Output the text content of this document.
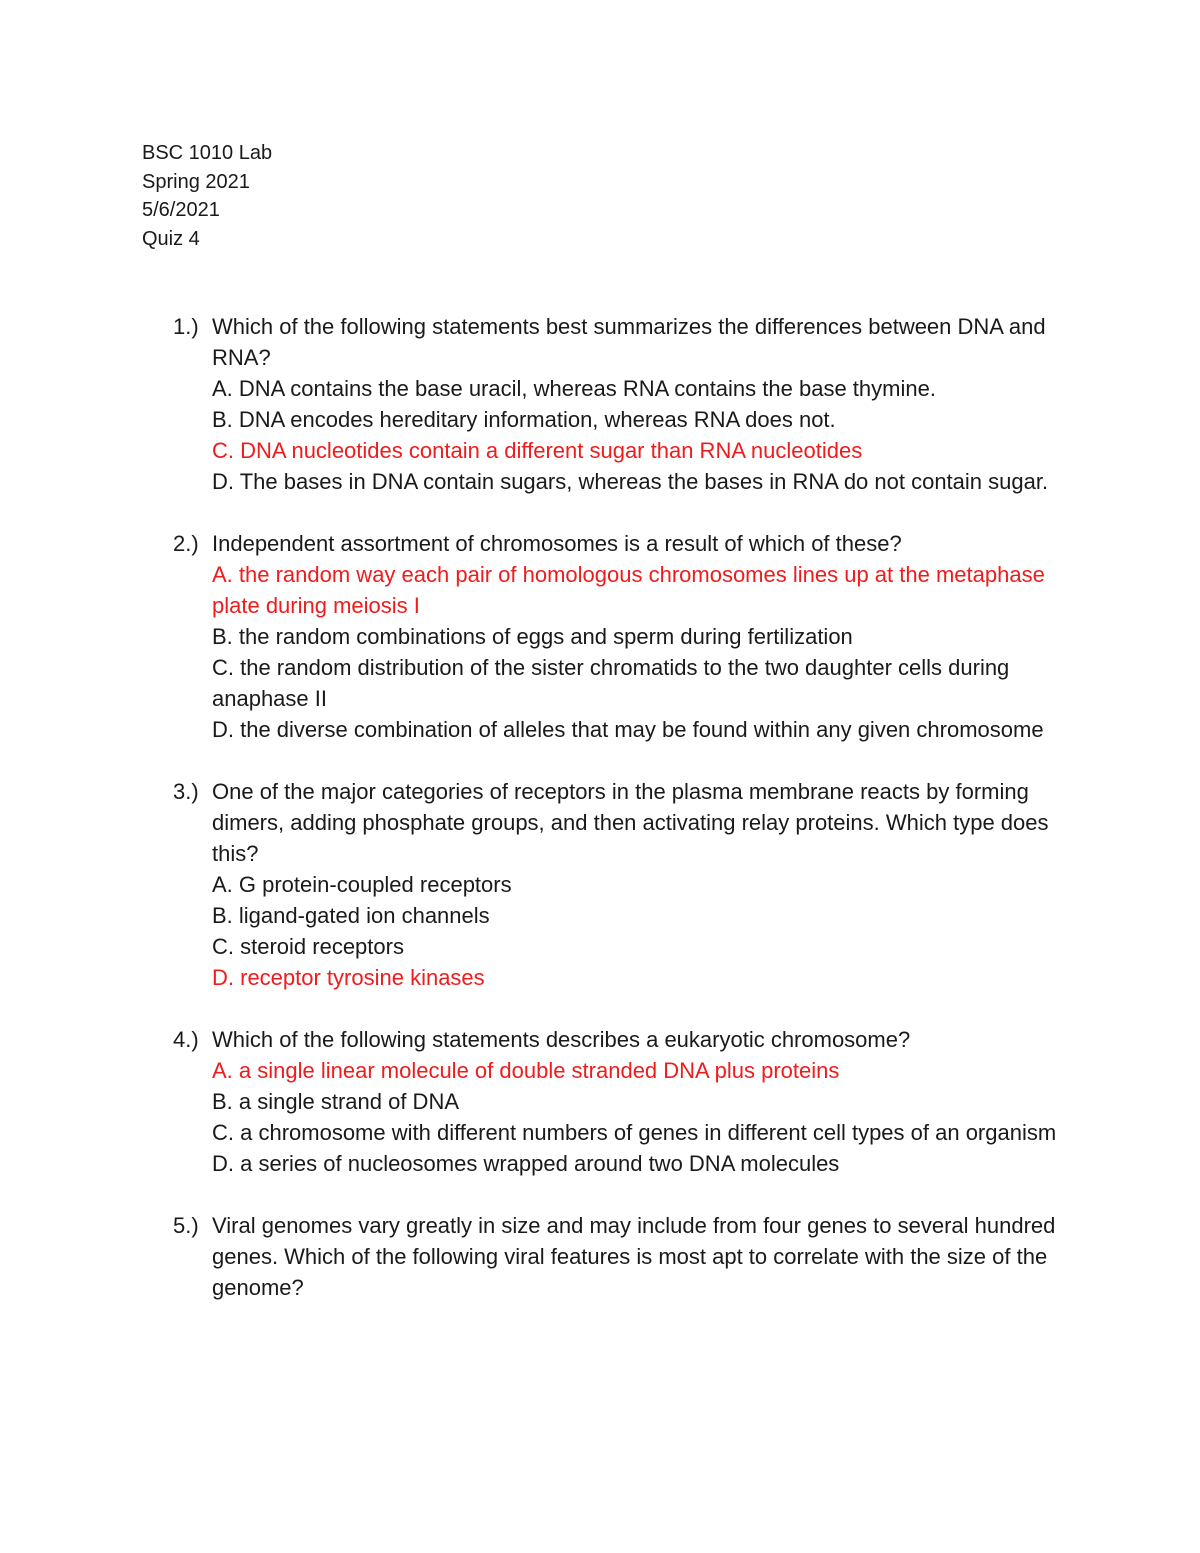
BSC 1010 Lab
Spring 2021
5/6/2021
Quiz 4
1.) Which of the following statements best summarizes the differences between DNA and RNA?

A. DNA contains the base uracil, whereas RNA contains the base thymine.

B. DNA encodes hereditary information, whereas RNA does not.

C. DNA nucleotides contain a different sugar than RNA nucleotides

D. The bases in DNA contain sugars, whereas the bases in RNA do not contain sugar.

2.) Independent assortment of chromosomes is a result of which of these?

A. the random way each pair of homologous chromosomes lines up at the metaphase plate during meiosis I

B. the random combinations of eggs and sperm during fertilization

C. the random distribution of the sister chromatids to the two daughter cells during anaphase II

D. the diverse combination of alleles that may be found within any given chromosome

3.) One of the major categories of receptors in the plasma membrane reacts by forming dimers, adding phosphate groups, and then activating relay proteins. Which type does this?

A. G protein-coupled receptors

B. ligand-gated ion channels

C. steroid receptors

D. receptor tyrosine kinases

4.) Which of the following statements describes a eukaryotic chromosome?

A. a single linear molecule of double stranded DNA plus proteins

B. a single strand of DNA

C. a chromosome with different numbers of genes in different cell types of an organism

D. a series of nucleosomes wrapped around two DNA molecules

5.) Viral genomes vary greatly in size and may include from four genes to several hundred genes. Which of the following viral features is most apt to correlate with the size of the genome?
